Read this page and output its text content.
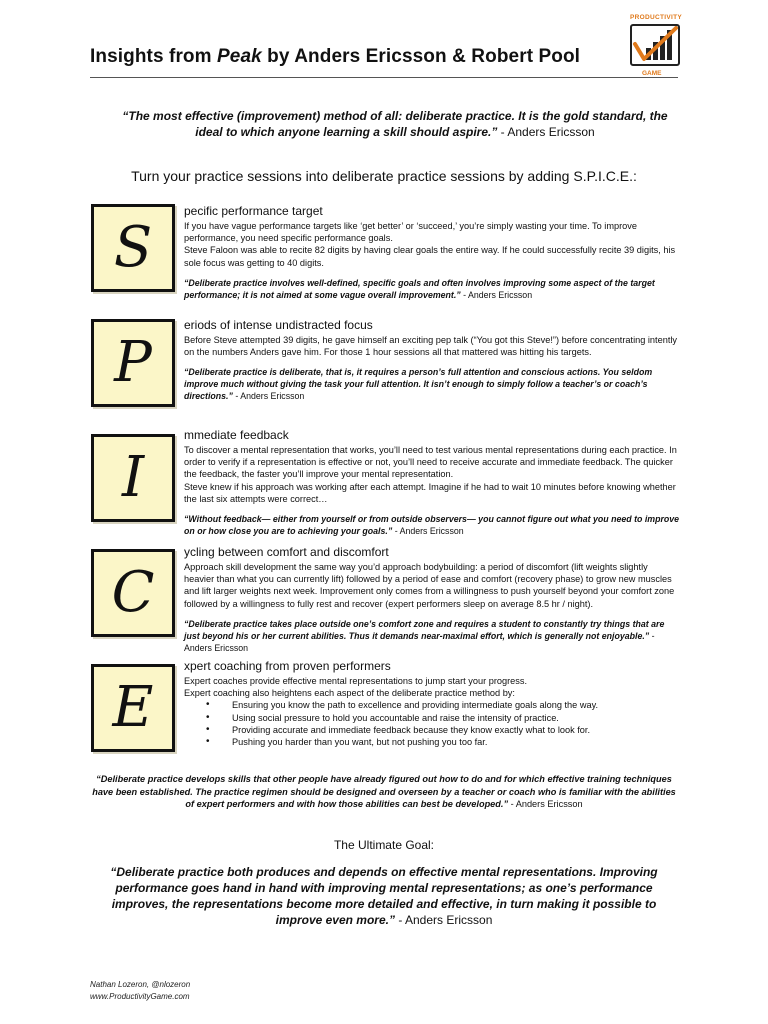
Insights from Peak by Anders Ericsson & Robert Pool
PRODUCTIVITY
GAME
“The most effective (improvement) method of all: deliberate practice. It is the gold standard, the ideal to which anyone learning a skill should aspire.” - Anders Ericsson
Turn your practice sessions into deliberate practice sessions by adding S.P.I.C.E.:
S
pecific performance target
If you have vague performance targets like ‘get better’ or ‘succeed,’ you’re simply wasting your time. To improve performance, you need specific performance goals.
Steve Faloon was able to recite 82 digits by having clear goals the entire way. If he could successfully recite 39 digits, his sole focus was getting to 40 digits.
“Deliberate practice involves well-defined, specific goals and often involves improving some aspect of the target performance; it is not aimed at some vague overall improvement.” - Anders Ericsson
P
eriods of intense undistracted focus
Before Steve attempted 39 digits, he gave himself an exciting pep talk (“You got this Steve!”) before concentrating intently on the numbers Anders gave him. For those 1 hour sessions all that mattered was hitting his targets.
“Deliberate practice is deliberate, that is, it requires a person’s full attention and conscious actions. You seldom improve much without giving the task your full attention. It isn’t enough to simply follow a teacher’s or coach’s directions.” - Anders Ericsson
I
mmediate feedback
To discover a mental representation that works, you’ll need to test various mental representations during each practice. In order to verify if a representation is effective or not, you’ll need to receive accurate and immediate feedback. The quicker the feedback, the faster you’ll improve your mental representation.
Steve knew if his approach was working after each attempt. Imagine if he had to wait 10 minutes before knowing whether the last six attempts were correct…
“Without feedback— either from yourself or from outside observers— you cannot figure out what you need to improve on or how close you are to achieving your goals.” - Anders Ericsson
C
ycling between comfort and discomfort
Approach skill development the same way you’d approach bodybuilding: a period of discomfort (lift weights slightly heavier than what you can currently lift) followed by a period of ease and comfort (recovery phase) to grow new muscles and lift larger weights next week. Improvement only comes from a willingness to push yourself beyond your comfort zone followed by a willingness to fully rest and recover (expert performers sleep on average 8.5 hr / night).
“Deliberate practice takes place outside one’s comfort zone and requires a student to constantly try things that are just beyond his or her current abilities. Thus it demands near-maximal effort, which is generally not enjoyable.” - Anders Ericsson
E
xpert coaching from proven performers
Expert coaches provide effective mental representations to jump start your progress.
Expert coaching also heightens each aspect of the deliberate practice method by:
• Ensuring you know the path to excellence and providing intermediate goals along the way.
• Using social pressure to hold you accountable and raise the intensity of practice.
• Providing accurate and immediate feedback because they know exactly what to look for.
• Pushing you harder than you want, but not pushing you too far.
“Deliberate practice develops skills that other people have already figured out how to do and for which effective training techniques have been established. The practice regimen should be designed and overseen by a teacher or coach who is familiar with the abilities of expert performers and with how those abilities can best be developed.” - Anders Ericsson
The Ultimate Goal:
“Deliberate practice both produces and depends on effective mental representations. Improving performance goes hand in hand with improving mental representations; as one’s performance improves, the representations become more detailed and effective, in turn making it possible to improve even more.” - Anders Ericsson
Nathan Lozeron, @nlozeron
www.ProductivityGame.com
